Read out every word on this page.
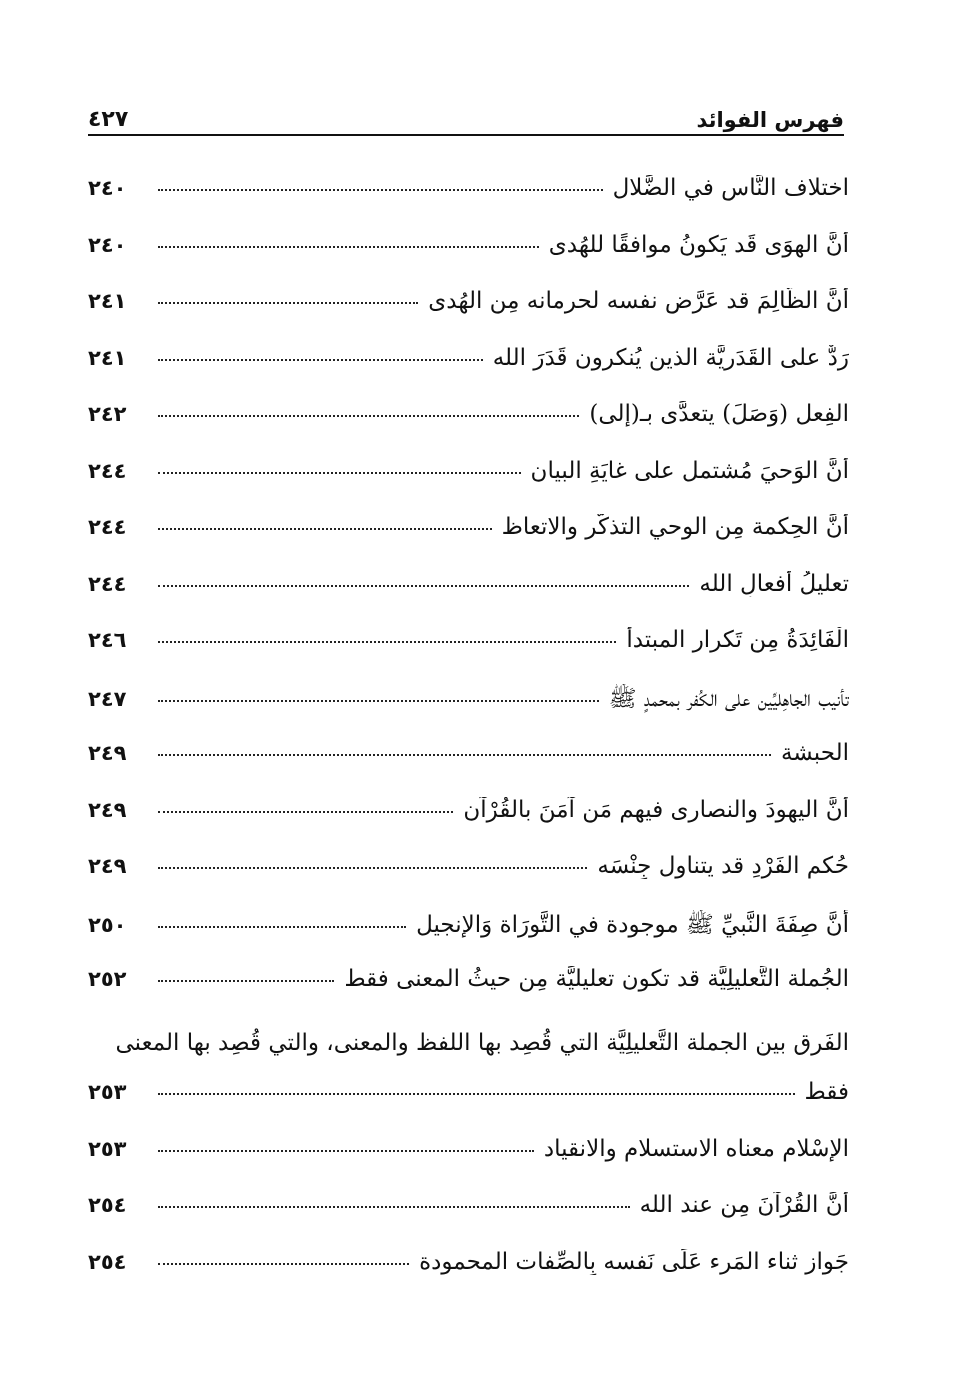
فهرس الفوائد
٤٢٧
اختلاف النَّاس في الضَّلال
٢٤٠
أنَّ الهوَى قَد يَكونُ موافقًا للهُدى
٢٤٠
أنَّ الظَّالِمَ قد عَرَّض نفسه لحرمانه مِن الهُدى
٢٤١
رَدٌّ على القَدَرِيَّة الذين يُنكرون قَدَرَ الله
٢٤١
الفِعل (وَصَلَ) يتعدَّى بـ(إلى)
٢٤٢
أنَّ الوَحيَ مُشتمل على غايَةِ البيان
٢٤٤
أنَّ الحِكمة مِن الوحي التذكُّر والاتعاظ
٢٤٤
تعليلُ أفعالِ الله
٢٤٤
الْفَائِدَةُ مِن تَكرار المبتدأ
٢٤٦
تأنيب الجاهِليِّين على الكُفر بمحمدٍ ﷺ
٢٤٧
الحبشة
٢٤٩
أنَّ اليهودَ والنصارى فيهم مَن آمَنَ بالقُرْآن
٢٤٩
حُكم الفَرْدِ قد يتناول جِنْسَه
٢٤٩
أنَّ صِفَةَ النَّبيِّ ﷺ موجودة في التَّورَاة وَالإنجيل
٢٥٠
الجُملة التَّعليلِيَّة قد تكون تعليليَّة مِن حيثُ المعنى فقط
٢٥٢
الفَرق بين الجملة التَّعليلِيَّة التي قُصِد بها اللفظ والمعنى، والتي قُصِد بها المعنى
فقط
٢٥٣
الإِسْلام معناه الاستسلام والانقياد
٢٥٣
أَنَّ القُرْآنَ مِن عند الله
٢٥٤
جَواز ثناء المَرء عَلَى نَفسه بِالصِّفات المحمودة
٢٥٤
